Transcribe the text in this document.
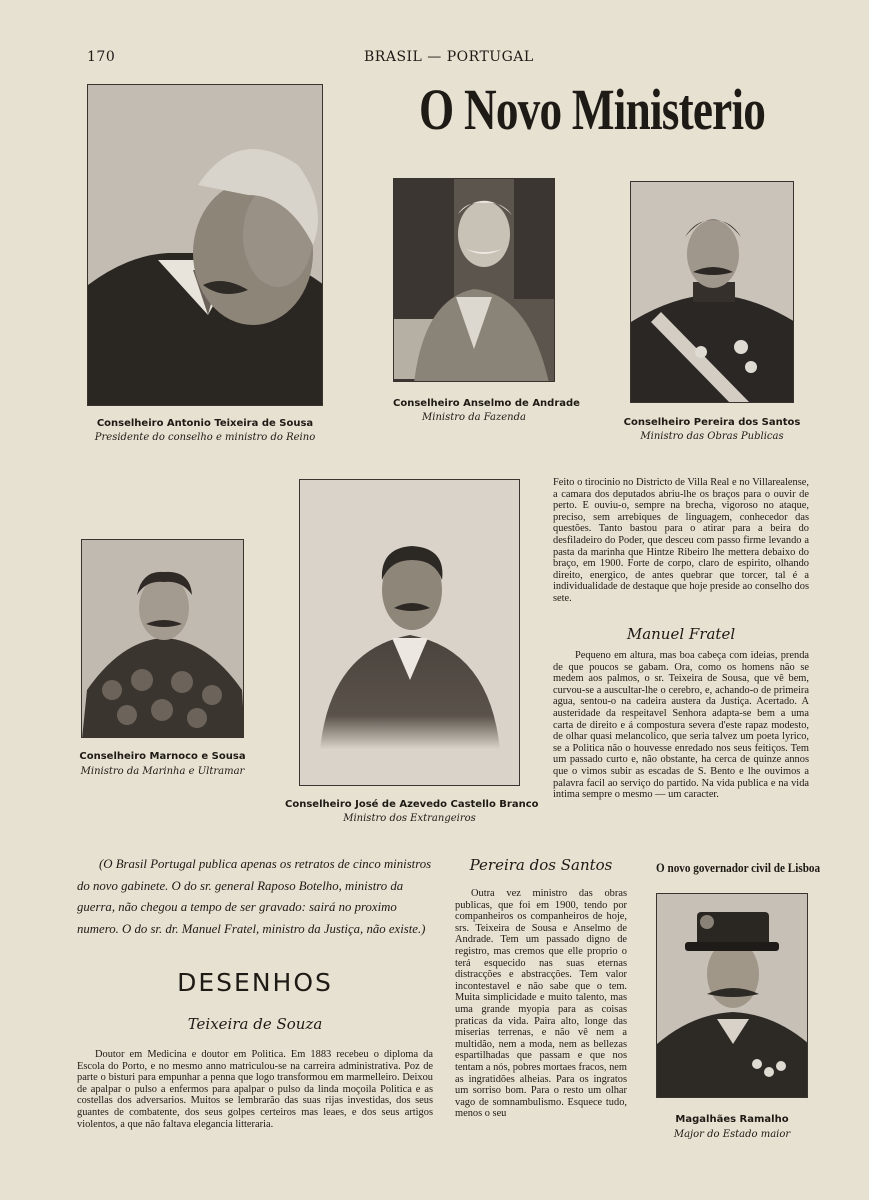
170	BRASIL — PORTUGAL
O Novo Ministerio
Conselheiro Antonio Teixeira de Sousa
Presidente do conselho e ministro do Reino
Conselheiro Anselmo de Andrade
Ministro da Fazenda	Conselheiro Pereira dos Santos
Ministro das Obras Publicas
Conselheiro Marnoco e Sousa
Ministro da Marinha e Ultramar
Conselheiro José de Azevedo Castello Branco
Ministro dos Extrangeiros
Feito o tirocinio no Districto de Villa Real e no Villarealense, a camara dos deputados abriu-lhe os braços para o ouvir de perto. E ouviu-o, sempre na brecha, vigoroso no ataque, preciso, sem arrebiques de linguagem, conhecedor das questões. Tanto bastou para o atirar para a beira do desfiladeiro do Poder, que desceu com passo firme levando a pasta da marinha que Hintze Ribeiro lhe mettera debaixo do braço, em 1900. Forte de corpo, claro de espirito, olhando direito, energico, de antes quebrar que torcer, tal é a individualidade de destaque que hoje preside ao conselho dos sete.
Manuel Fratel
Pequeno em altura, mas boa cabeça com ideias, prenda de que poucos se gabam. Ora, como os homens não se medem aos palmos, o sr. Teixeira de Sousa, que vê bem, curvou-se a auscultar-lhe o cerebro, e, achando-o de primeira agua, sentou-o na cadeira austera da Justiça. Acertado. A austeridade da respeitavel Senhora adapta-se bem a uma carta de direito e á compostura severa d'este rapaz modesto, de olhar quasi melancolico, que seria talvez um poeta lyrico, se a Politica não o houvesse enredado nos seus feitiços. Tem um passado curto e, não obstante, ha cerca de quinze annos que o vimos subir as escadas de S. Bento e lhe ouvimos a palavra facil ao serviço do partido. Na vida publica e na vida intima sempre o mesmo — um caracter.
(O Brasil Portugal publica apenas os retratos de cinco ministros do novo gabinete. O do sr. general Raposo Botelho, ministro da guerra, não chegou a tempo de ser gravado: sairá no proximo numero. O do sr. dr. Manuel Fratel, ministro da Justiça, não existe.)
DESENHOS
Teixeira de Souza
Doutor em Medicina e doutor em Politica. Em 1883 recebeu o diploma da Escola do Porto, e no mesmo anno matriculou-se na carreira administrativa. Poz de parte o bisturi para empunhar a penna que logo transformou em marmelleiro. Deixou de apalpar o pulso a enfermos para apalpar o pulso da linda moçoila Politica e as costellas dos adversarios. Muitos se lembrarão das suas rijas investidas, dos seus guantes de combatente, dos seus golpes certeiros mas leaes, e dos seus artigos violentos, a que não faltava elegancia litteraria.
Pereira dos Santos
Outra vez ministro das obras publicas, que foi em 1900, tendo por companheiros os companheiros de hoje, srs. Teixeira de Sousa e Anselmo de Andrade. Tem um passado digno de registro, mas cremos que elle proprio o terá esquecido nas suas eternas distracções e abstracções. Tem valor incontestavel e não sabe que o tem. Muita simplicidade e muito talento, mas uma grande myopia para as coisas praticas da vida. Paira alto, longe das miserias terrenas, e não vê nem a multidão, nem a moda, nem as bellezas espartilhadas que passam e que nos tentam a nós, pobres mortaes fracos, nem as ingratidões alheias. Para os ingratos um sorriso bom. Para o resto um olhar vago de somnambulismo. Esquece tudo, menos o seu
O novo governador civil de Lisboa
Magalhães Ramalho
Major do Estado maior
